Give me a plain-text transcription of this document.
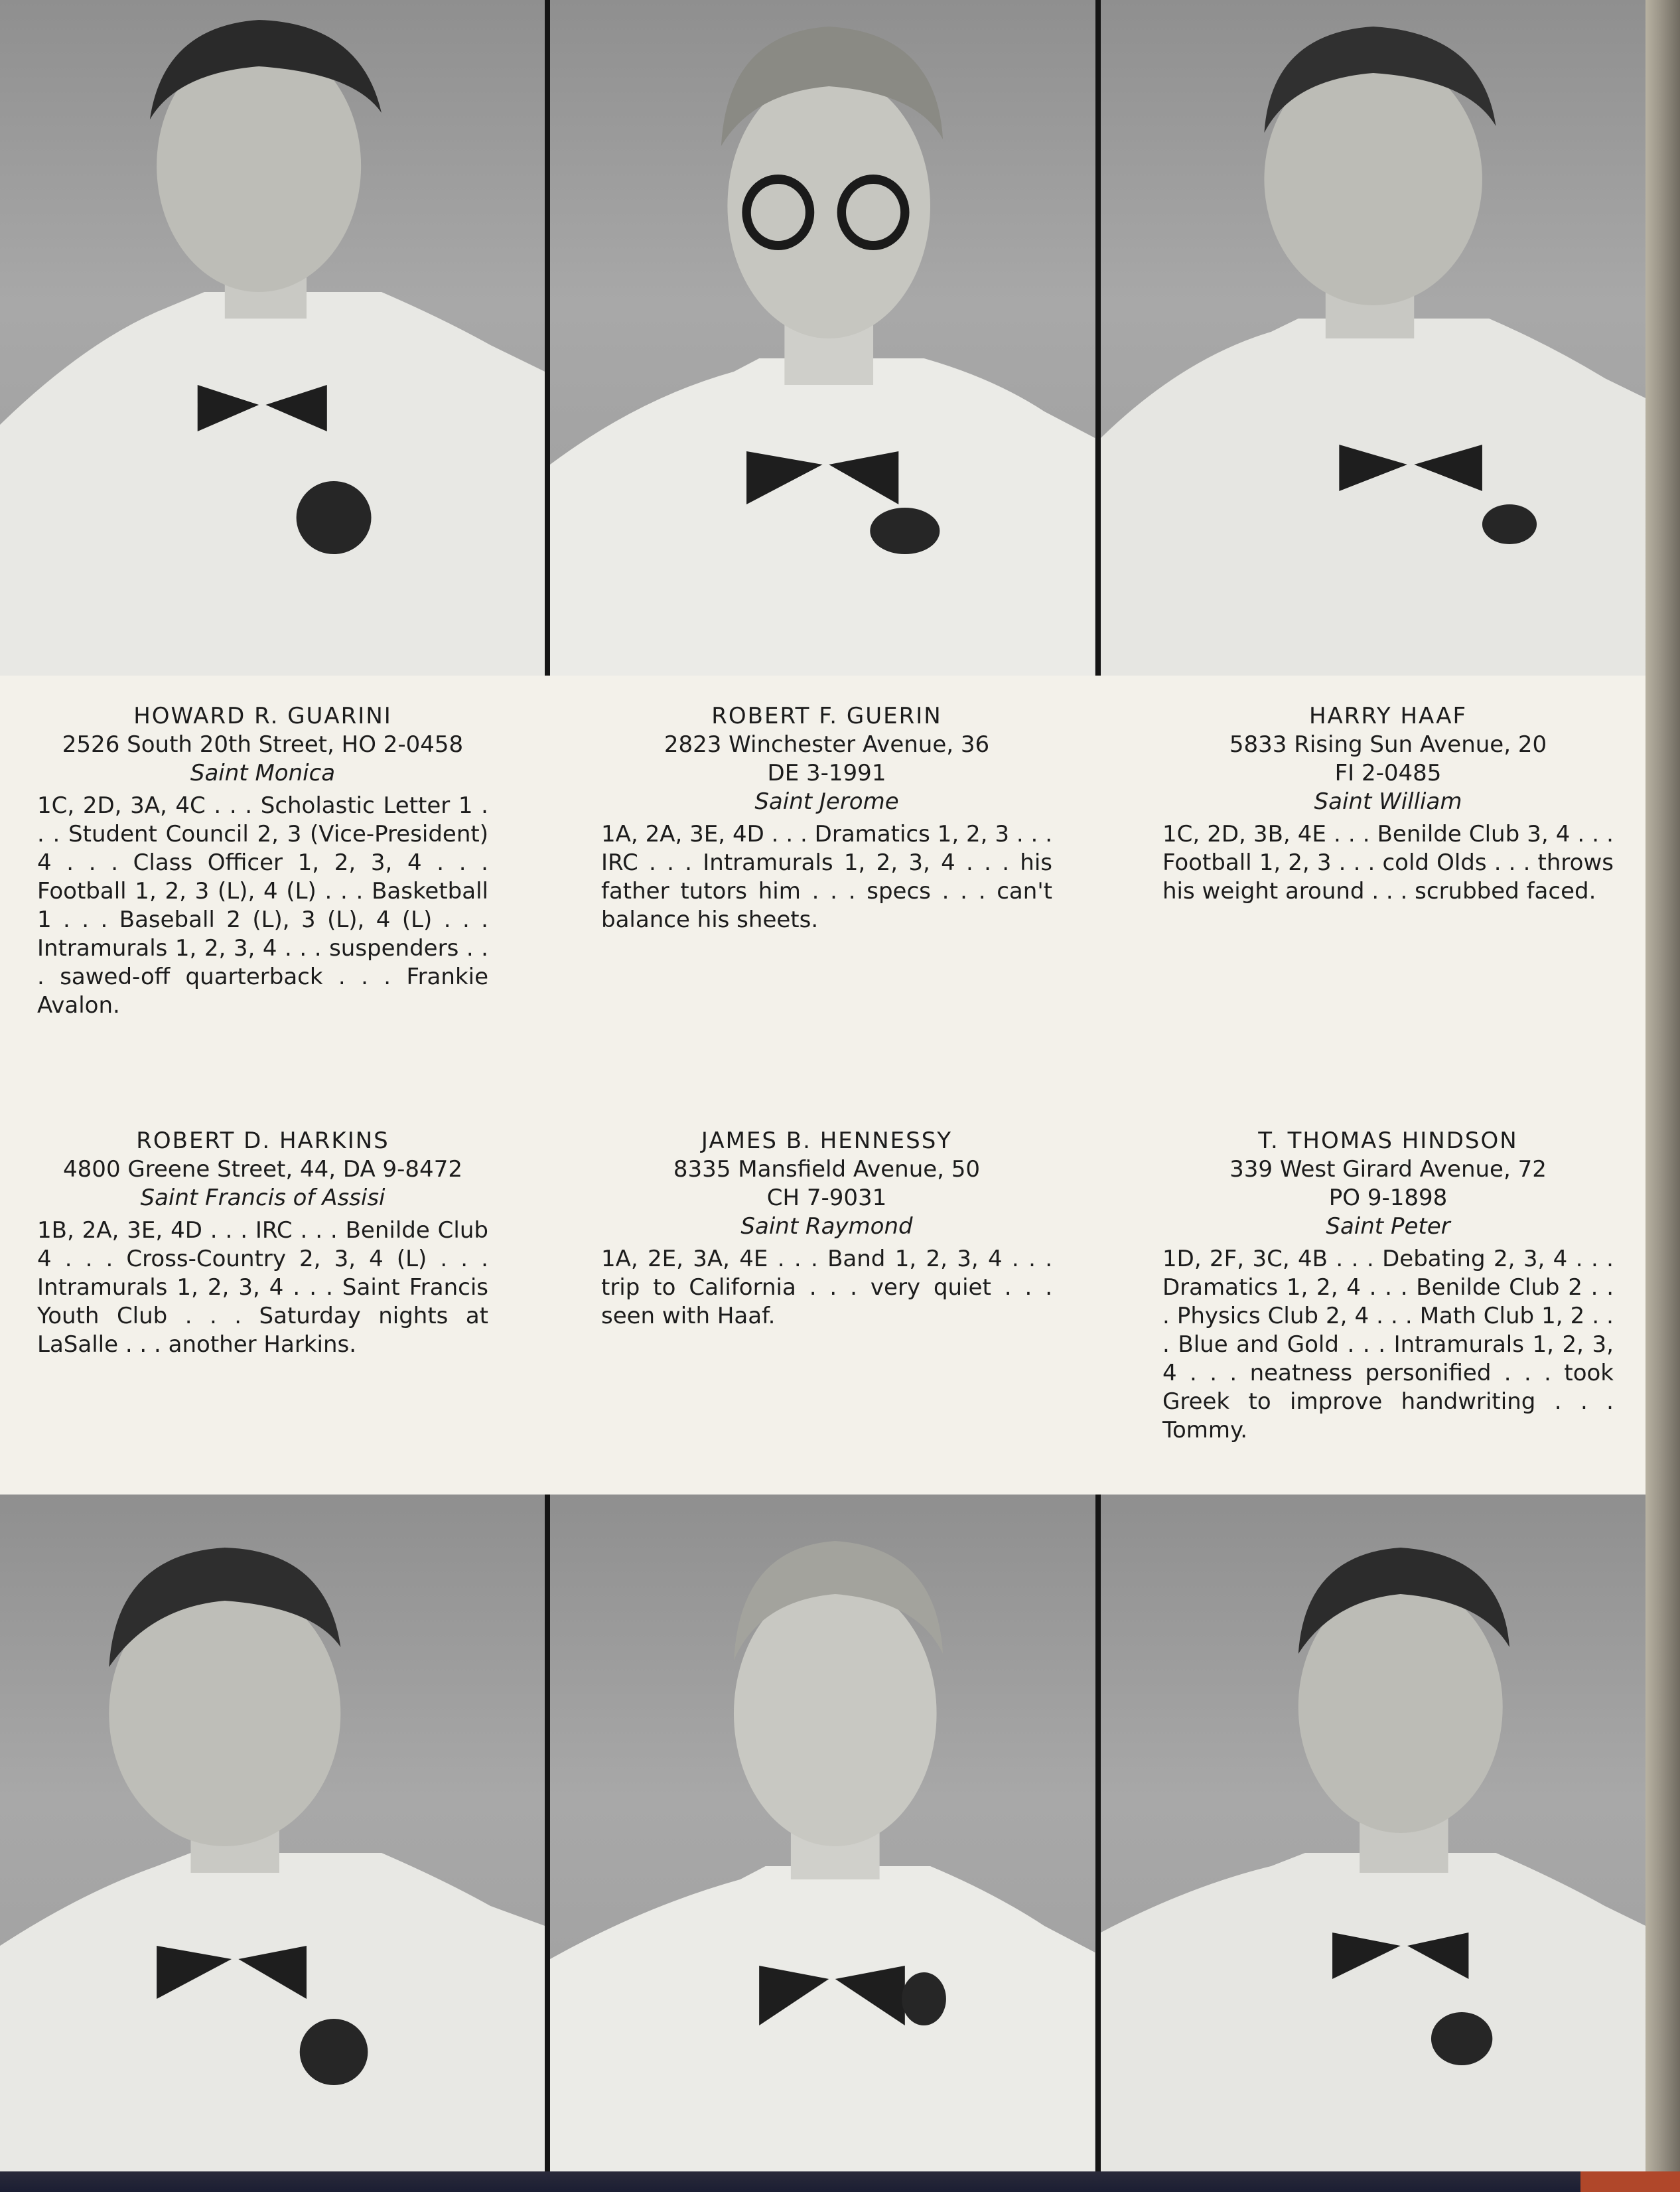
HOWARD R. GUARINI
2526 South 20th Street, HO 2-0458
Saint Monica
1C, 2D, 3A, 4C . . . Scholastic Letter 1 . . . Student Council 2, 3 (Vice-President) 4 . . . Class Officer 1, 2, 3, 4 . . . Football 1, 2, 3 (L), 4 (L) . . . Basketball 1 . . . Baseball 2 (L), 3 (L), 4 (L) . . . Intramurals 1, 2, 3, 4 . . . suspenders . . . sawed-off quarterback . . . Frankie Avalon.
ROBERT F. GUERIN
2823 Winchester Avenue, 36
DE 3-1991
Saint Jerome
1A, 2A, 3E, 4D . . . Dramatics 1, 2, 3 . . . IRC . . . Intramurals 1, 2, 3, 4 . . . his father tutors him . . . specs . . . can't balance his sheets.
HARRY HAAF
5833 Rising Sun Avenue, 20
FI 2-0485
Saint William
1C, 2D, 3B, 4E . . . Benilde Club 3, 4 . . . Football 1, 2, 3 . . . cold Olds . . . throws his weight around . . . scrubbed faced.
ROBERT D. HARKINS
4800 Greene Street, 44, DA 9-8472
Saint Francis of Assisi
1B, 2A, 3E, 4D . . . IRC . . . Benilde Club 4 . . . Cross-Country 2, 3, 4 (L) . . . Intramurals 1, 2, 3, 4 . . . Saint Francis Youth Club . . . Saturday nights at LaSalle . . . another Harkins.
JAMES B. HENNESSY
8335 Mansfield Avenue, 50
CH 7-9031
Saint Raymond
1A, 2E, 3A, 4E . . . Band 1, 2, 3, 4 . . . trip to California . . . very quiet . . . seen with Haaf.
T. THOMAS HINDSON
339 West Girard Avenue, 72
PO 9-1898
Saint Peter
1D, 2F, 3C, 4B . . . Debating 2, 3, 4 . . . Dramatics 1, 2, 4 . . . Benilde Club 2 . . . Physics Club 2, 4 . . . Math Club 1, 2 . . . Blue and Gold . . . Intramurals 1, 2, 3, 4 . . . neatness personified . . . took Greek to improve handwriting . . . Tommy.
